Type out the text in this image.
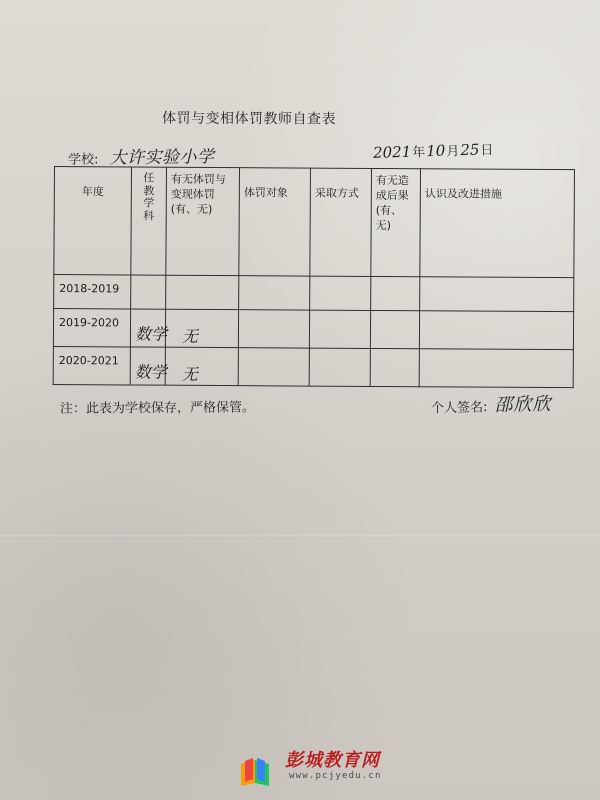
体罚与变相体罚教师自查表
学校: 大许实验小学	2021年10月25日
年度	任教学科	有无体罚与变现体罚(有、无)	体罚对象	采取方式	有无造成后果(有、无)	认识及改进措施
2018-2019						
2019-2020	数学	无				
2020-2021	数学	无				
注：此表为学校保存，严格保管。	个人签名: 邵欣欣
彭城教育网
www.pcjyedu.cn
